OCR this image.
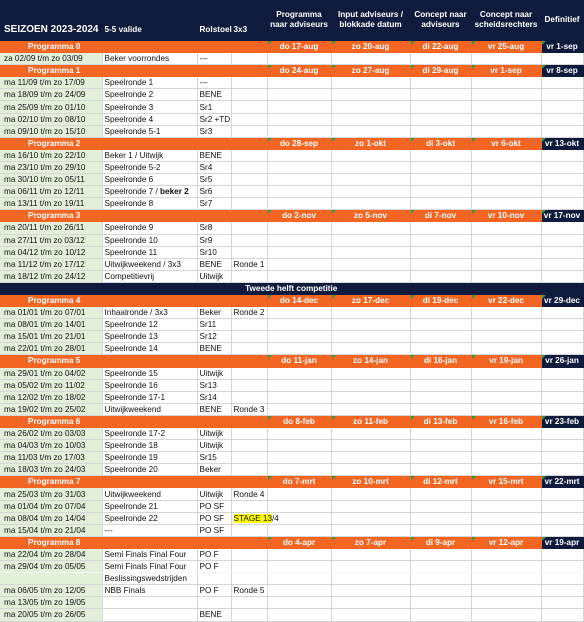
SEIZOEN 2023-2024	5-5 valide	Rolstoel	3x3	Programma naar adviseurs	Input adviseurs / blokkade datum	Concept naar adviseurs	Concept naar scheidsrechters	Definitief
Programma 0				do 17-aug	zo 20-aug	di 22-aug	vr 25-aug	vr 1-sep
za 02/09 t/m zo 03/09	Beker voorrondes	---						
Programma 1				do 24-aug	zo 27-aug	di 29-aug	vr 1-sep	vr 8-sep
ma 11/09 t/m zo 17/09	Speelronde 1	---						
ma 18/09 t/m zo 24/09	Speelronde 2	BENE						
ma 25/09 t/m zo 01/10	Speelronde 3	Sr1						
ma 02/10 t/m zo 08/10	Speelronde 4	Sr2 +TD						
ma 09/10 t/m zo 15/10	Speelronde 5-1	Sr3						
Programma 2				do 28-sep	zo 1-okt	di 3-okt	vr 6-okt	vr 13-okt
ma 16/10 t/m zo 22/10	Beker 1 / Uitwijk	BENE						
ma 23/10 t/m zo 29/10	Speelronde 5-2	Sr4						
ma 30/10 t/m zo 05/11	Speelronde 6	Sr5						
ma 06/11 t/m zo 12/11	Speelronde 7 / beker 2	Sr6						
ma 13/11 t/m zo 19/11	Speelronde 8	Sr7						
Programma 3				do 2-nov	zo 5-nov	di 7-nov	vr 10-nov	vr 17-nov
ma 20/11 t/m zo 26/11	Speelronde 9	Sr8						
ma 27/11 t/m zo 03/12	Speelronde 10	Sr9						
ma 04/12 t/m zo 10/12	Speelronde 11	Sr10						
ma 11/12 t/m zo 17/12	Uitwijkweekend / 3x3	BENE	Ronde 1					
ma 18/12 t/m zo 24/12	Competitievrij	Uitwijk						
Tweede helft competitie								
Programma 4				do 14-dec	zo 17-dec	di 19-dec	vr 22-dec	vr 29-dec
ma 01/01 t/m zo 07/01	Inhaalronde / 3x3	Beker	Ronde 2					
ma 08/01 t/m zo 14/01	Speelronde 12	Sr11						
ma 15/01 t/m zo 21/01	Speelronde 13	Sr12						
ma 22/01 t/m zo 28/01	Speelronde 14	BENE						
Programma 5				do 11-jan	zo 14-jan	di 16-jan	vr 19-jan	vr 26-jan
ma 29/01 t/m zo 04/02	Speelronde 15	Uitwijk						
ma 05/02 t/m zo 11/02	Speelronde 16	Sr13						
ma 12/02 t/m zo 18/02	Speelronde 17-1	Sr14						
ma 19/02 t/m zo 25/02	Uitwijkweekend	BENE	Ronde 3					
Programma 6				do 8-feb	zo 11-feb	di 13-feb	vr 16-feb	vr 23-feb
ma 26/02 t/m zo 03/03	Speelronde 17-2	Uitwijk						
ma 04/03 t/m zo 10/03	Speelronde 18	Uitwijk						
ma 11/03 t/m zo 17/03	Speelronde 19	Sr15						
ma 18/03 t/m zo 24/03	Speelronde 20	Beker						
Programma 7				do 7-mrt	zo 10-mrt	di 12-mrt	vr 15-mrt	vr 22-mrt
ma 25/03 t/m zo 31/03	Uitwijkweekend	Uitwijk	Ronde 4					
ma 01/04 t/m zo 07/04	Speelronde 21	PO SF						
ma 08/04 t/m zo 14/04	Speelronde 22	PO SF	STAGE 13/4					
ma 15/04 t/m zo 21/04	---	PO SF						
Programma 8				do 4-apr	zo 7-apr	di 9-apr	vr 12-apr	vr 19-apr
ma 22/04 t/m zo 28/04	Semi Finals Final Four	PO F						
ma 29/04 t/m zo 05/05	Semi Finals Final Four	PO F						
	Beslissingswedstrijden							
ma 06/05 t/m zo 12/05	NBB Finals	PO F	Ronde 5					
ma 13/05 t/m zo 19/05								
ma 20/05 t/m zo 26/05		BENE						
